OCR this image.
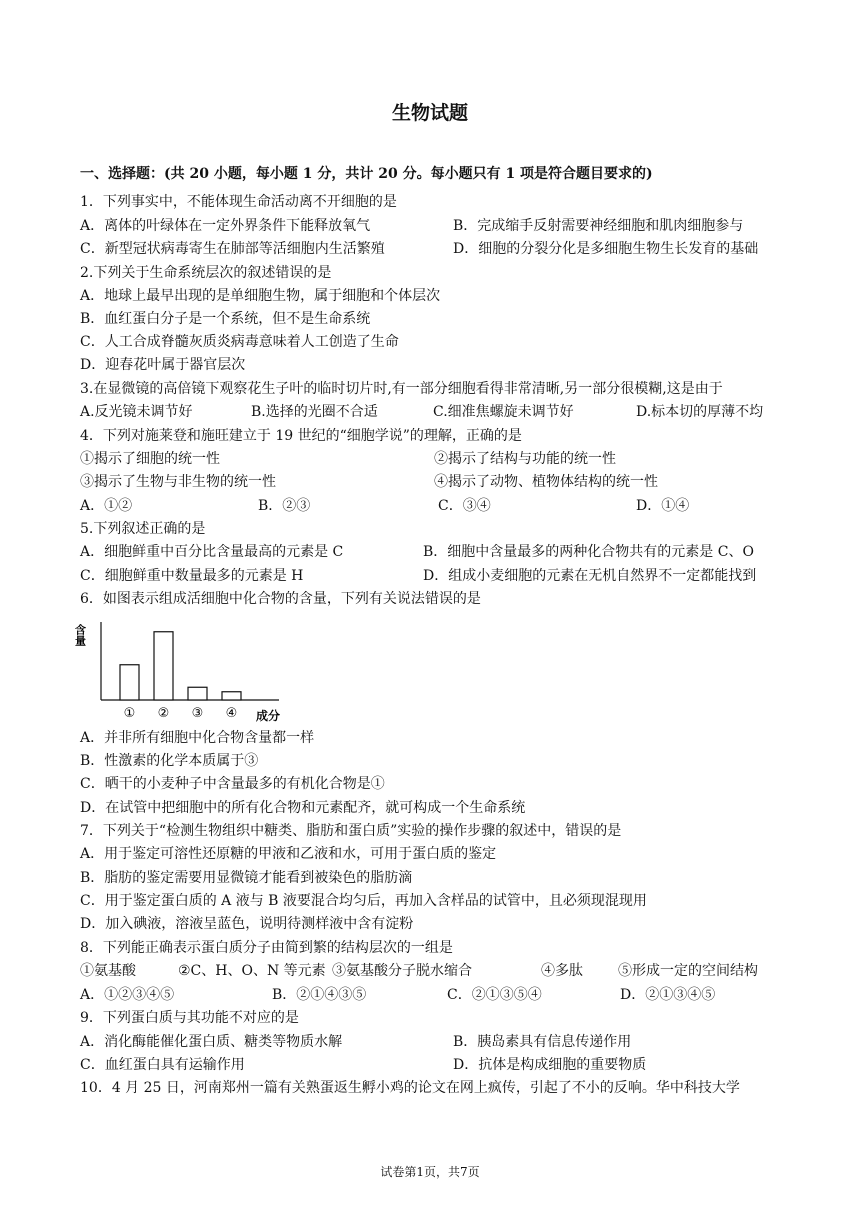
生物试题
一、选择题：(共 20 小题，每小题 1 分，共计 20 分。每小题只有 1 项是符合题目要求的)
1．下列事实中，不能体现生命活动离不开细胞的是
A．离体的叶绿体在一定外界条件下能释放氧气	B．完成缩手反射需要神经细胞和肌肉细胞参与
C．新型冠状病毒寄生在肺部等活细胞内生活繁殖	D．细胞的分裂分化是多细胞生物生长发育的基础
2.下列关于生命系统层次的叙述错误的是
A．地球上最早出现的是单细胞生物，属于细胞和个体层次
B．血红蛋白分子是一个系统，但不是生命系统
C．人工合成脊髓灰质炎病毒意味着人工创造了生命
D．迎春花叶属于器官层次
3.在显微镜的高倍镜下观察花生子叶的临时切片时,有一部分细胞看得非常清晰,另一部分很模糊,这是由于
A.反光镜未调节好	B.选择的光圈不合适	C.细准焦螺旋未调节好	D.标本切的厚薄不均
4．下列对施莱登和施旺建立于 19 世纪的“细胞学说”的理解，正确的是
①揭示了细胞的统一性	②揭示了结构与功能的统一性
③揭示了生物与非生物的统一性	④揭示了动物、植物体结构的统一性
A．①②	B．②③	C．③④	D．①④
5.下列叙述正确的是
A．细胞鲜重中百分比含量最高的元素是 C	B．细胞中含量最多的两种化合物共有的元素是 C、O
C．细胞鲜重中数量最多的元素是 H	D．组成小麦细胞的元素在无机自然界不一定都能找到
6．如图表示组成活细胞中化合物的含量，下列有关说法错误的是
A．并非所有细胞中化合物含量都一样
B．性激素的化学本质属于③
C．晒干的小麦种子中含量最多的有机化合物是①
D．在试管中把细胞中的所有化合物和元素配齐，就可构成一个生命系统
7．下列关于“检测生物组织中糖类、脂肪和蛋白质”实验的操作步骤的叙述中，错误的是
A．用于鉴定可溶性还原糖的甲液和乙液和水，可用于蛋白质的鉴定
B．脂肪的鉴定需要用显微镜才能看到被染色的脂肪滴
C．用于鉴定蛋白质的 A 液与 B 液要混合均匀后，再加入含样品的试管中，且必须现混现用
D．加入碘液，溶液呈蓝色，说明待测样液中含有淀粉
8．下列能正确表示蛋白质分子由简到繁的结构层次的一组是
①氨基酸	②C、H、O、N 等元素 ③氨基酸分子脱水缩合	④多肽	⑤形成一定的空间结构
A．①②③④⑤	B．②①④③⑤	C．②①③⑤④	D．②①③④⑤
9．下列蛋白质与其功能不对应的是
A．消化酶能催化蛋白质、糖类等物质水解	B．胰岛素具有信息传递作用
C．血红蛋白具有运输作用	D．抗体是构成细胞的重要物质
10．4 月 25 日，河南郑州一篇有关熟蛋返生孵小鸡的论文在网上疯传，引起了不小的反响。华中科技大学
含量
成分
① ② ③ ④
试卷第1页，共7页
